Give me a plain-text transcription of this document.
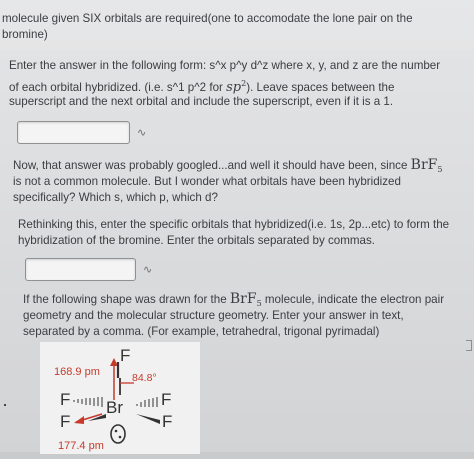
molecule given SIX orbitals are required(one to accomodate the lone pair on the
bromine)
Enter the answer in the following form: s^x p^y d^z where x, y, and z are the number
of each orbital hybridized. (i.e. s^1 p^2 for $sp^2$). Leave spaces between the
superscript and the next orbital and include the superscript, even if it is a 1.
∿
Now, that answer was probably googled...and well it should have been, since BrF$_5$
is not a common molecule. But I wonder what orbitals have been hybridized
specifically? Which s, which p, which d?
Rethinking this, enter the specific orbitals that hybridized(i.e. 1s, 2p...etc) to form the
hybridization of the bromine. Enter the orbitals separated by commas.
∿
If the following shape was drawn for the BrF$_5$ molecule, indicate the electron pair
geometry and the molecular structure geometry. Enter your answer in text,
separated by a comma. (For example, tetrahedral, trigonal pyrimadal)
F
168.9 pm	84.8°
F Br F
F	F
177.4 pm
